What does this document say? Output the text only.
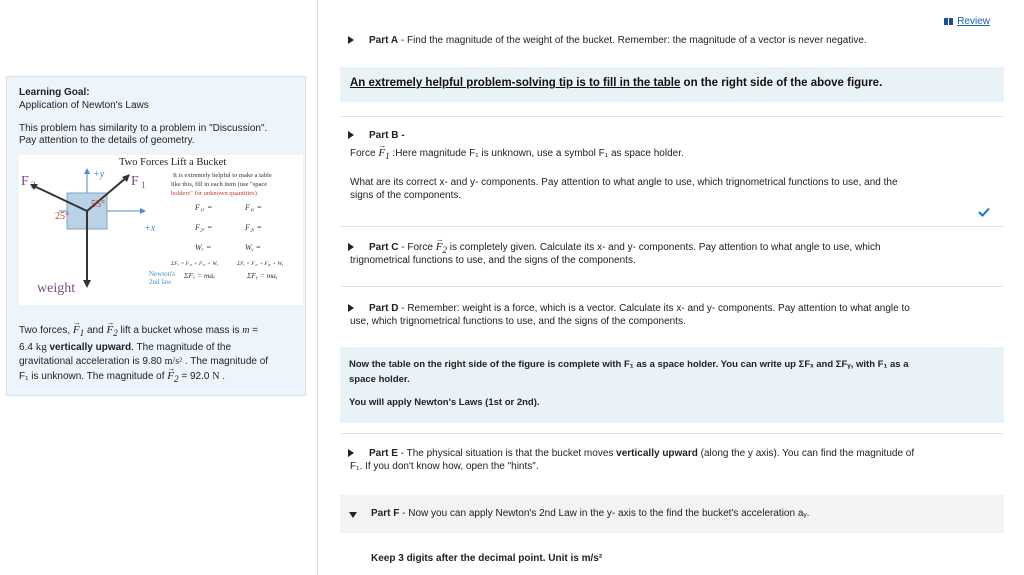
Learning Goal:
Application of Newton's Laws
This problem has similarity to a problem in "Discussion".
Pay attention to the details of geometry.
Two Forces Lift a Bucket
F	F 1
+y
+x
25°
55°
weight
It is extremely helpful to make a table
like this, fill in each item (use "space
holders" for unknown quantities)
F₁ₓ =	F₁ᵧ =
F₂ₓ =	F₂ᵧ =
Wₓ =	Wᵧ =
ΣFₓ = F₁ₓ + F₂ₓ + Wₓ	ΣFᵧ = F₁ᵧ + F₂ᵧ + Wᵧ
Newton's
2nd law
ΣFₓ = maₓ	ΣFᵧ = maᵧ
Two forces, → $F_1$ and → $F_2$ lift a bucket whose mass is m =
6.4 kg vertically upward. The magnitude of the
gravitational acceleration is 9.80 m/s² . The magnitude of
F₁ is unknown. The magnitude of → $F_2 = 92.0$ N .
Review
Part A - Find the magnitude of the weight of the bucket. Remember: the magnitude of a vector is never negative.
An extremely helpful problem-solving tip is to fill in the table on the right side of the above figure.
Part B -
Force → $F_1$ :Here magnitude F₁ is unknown, use a symbol F₁ as space holder.
What are its correct x- and y- components. Pay attention to what angle to use, which trignometrical functions to use, and the
signs of the components.
Part C - Force → $F_2$ is completely given. Calculate its x- and y- components. Pay attention to what angle to use, which
trignometrical functions to use, and the signs of the components.
Part D - Remember: weight is a force, which is a vector. Calculate its x- and y- components. Pay attention to what angle to
use, which trignometrical functions to use, and the signs of the components.
Now the table on the right side of the figure is complete with F₁ as a space holder. You can write up ΣFₓ and ΣFᵧ, with F₁ as a
space holder.
You will apply Newton's Laws (1st or 2nd).
Part E - The physical situation is that the bucket moves vertically upward (along the y axis). You can find the magnitude of
F₁. If you don't know how, open the "hints".
Part F - Now you can apply Newton's 2nd Law in the y- axis to the find the bucket's acceleration aᵧ.
Keep 3 digits after the decimal point. Unit is m/s²
